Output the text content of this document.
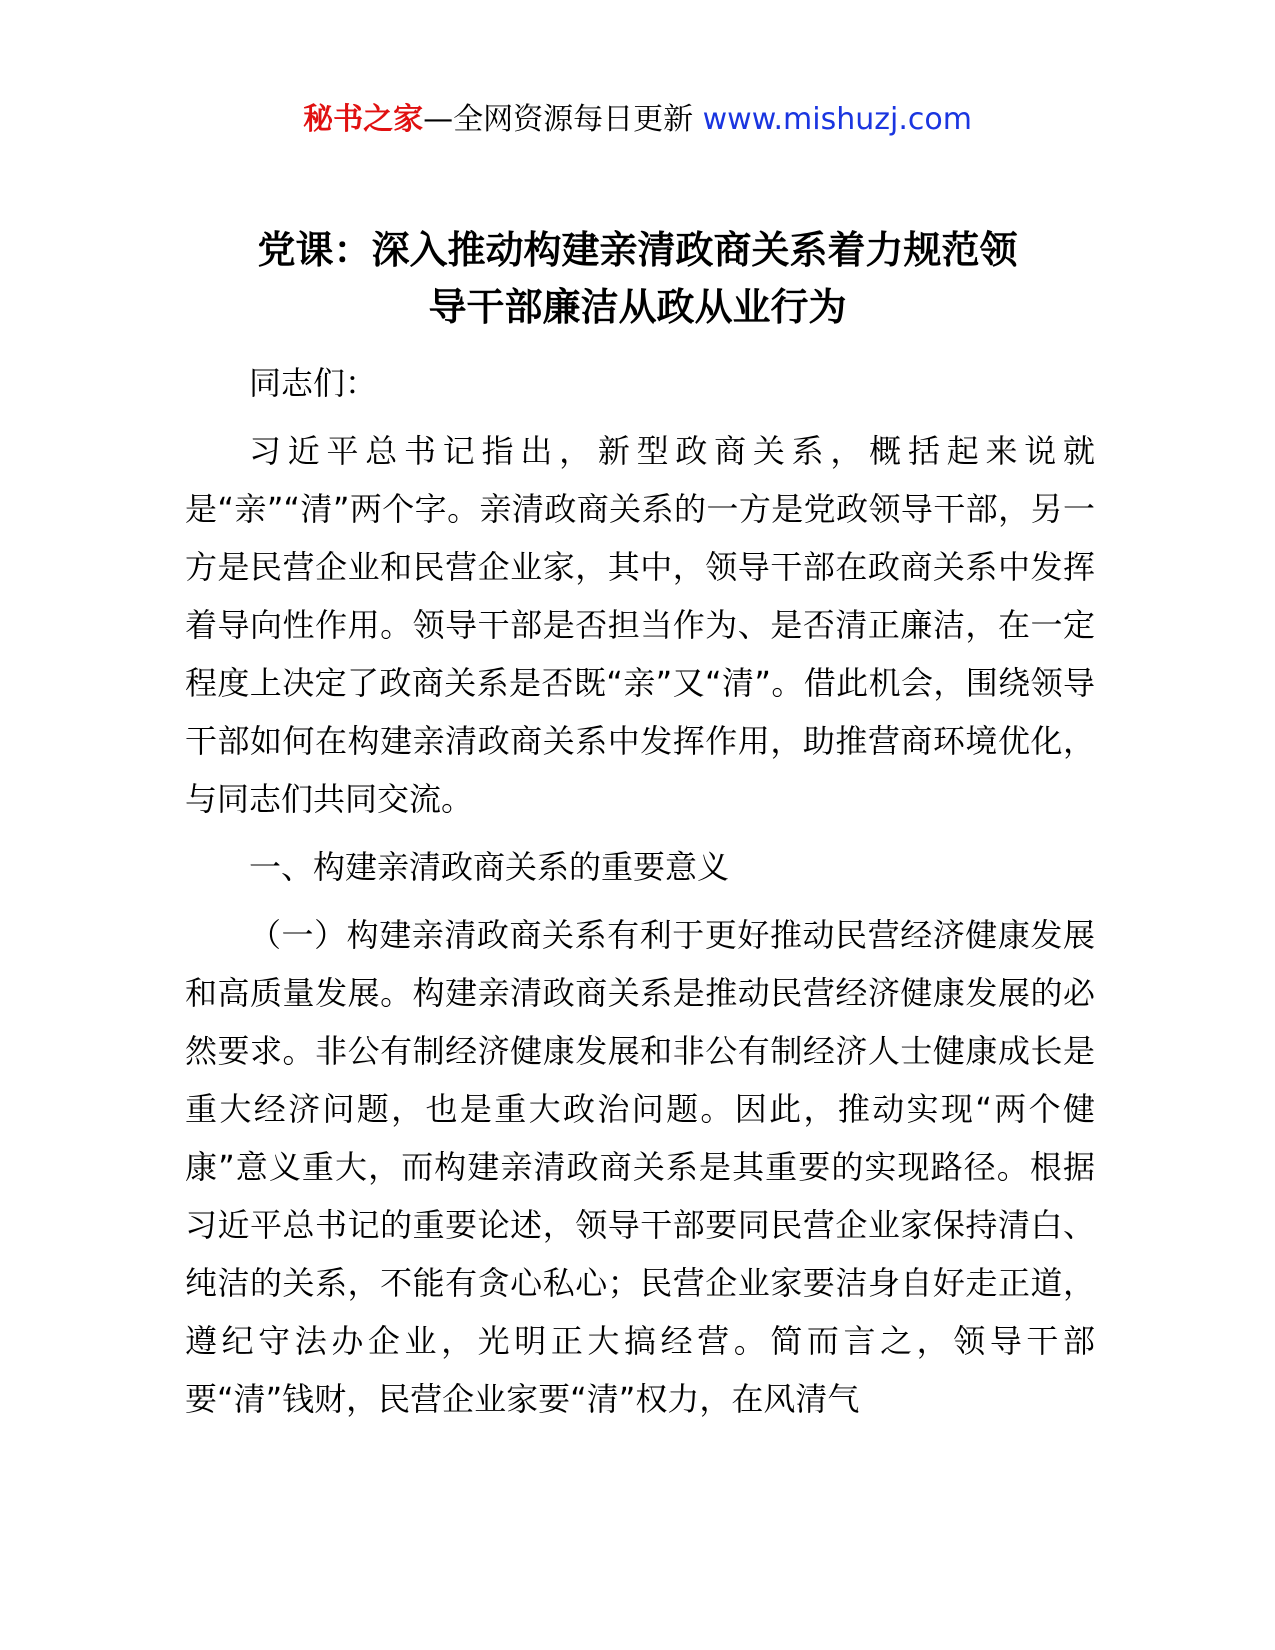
秘书之家—全网资源每日更新 www.mishuzj.com
党课：深入推动构建亲清政商关系着力规范领
导干部廉洁从政从业行为

同志们：

习近平总书记指出，新型政商关系，概括起来说就是“亲”“清”两个字。亲清政商关系的一方是党政领导干部，另一方是民营企业和民营企业家，其中，领导干部在政商关系中发挥着导向性作用。领导干部是否担当作为、是否清正廉洁，在一定程度上决定了政商关系是否既“亲”又“清”。借此机会，围绕领导干部如何在构建亲清政商关系中发挥作用，助推营商环境优化，与同志们共同交流。

一、构建亲清政商关系的重要意义

（一）构建亲清政商关系有利于更好推动民营经济健康发展和高质量发展。构建亲清政商关系是推动民营经济健康发展的必然要求。非公有制经济健康发展和非公有制经济人士健康成长是重大经济问题，也是重大政治问题。因此，推动实现“两个健康”意义重大，而构建亲清政商关系是其重要的实现路径。根据习近平总书记的重要论述，领导干部要同民营企业家保持清白、纯洁的关系，不能有贪心私心；民营企业家要洁身自好走正道，遵纪守法办企业，光明正大搞经营。简而言之，领导干部要“清”钱财，民营企业家要“清”权力，在风清气
